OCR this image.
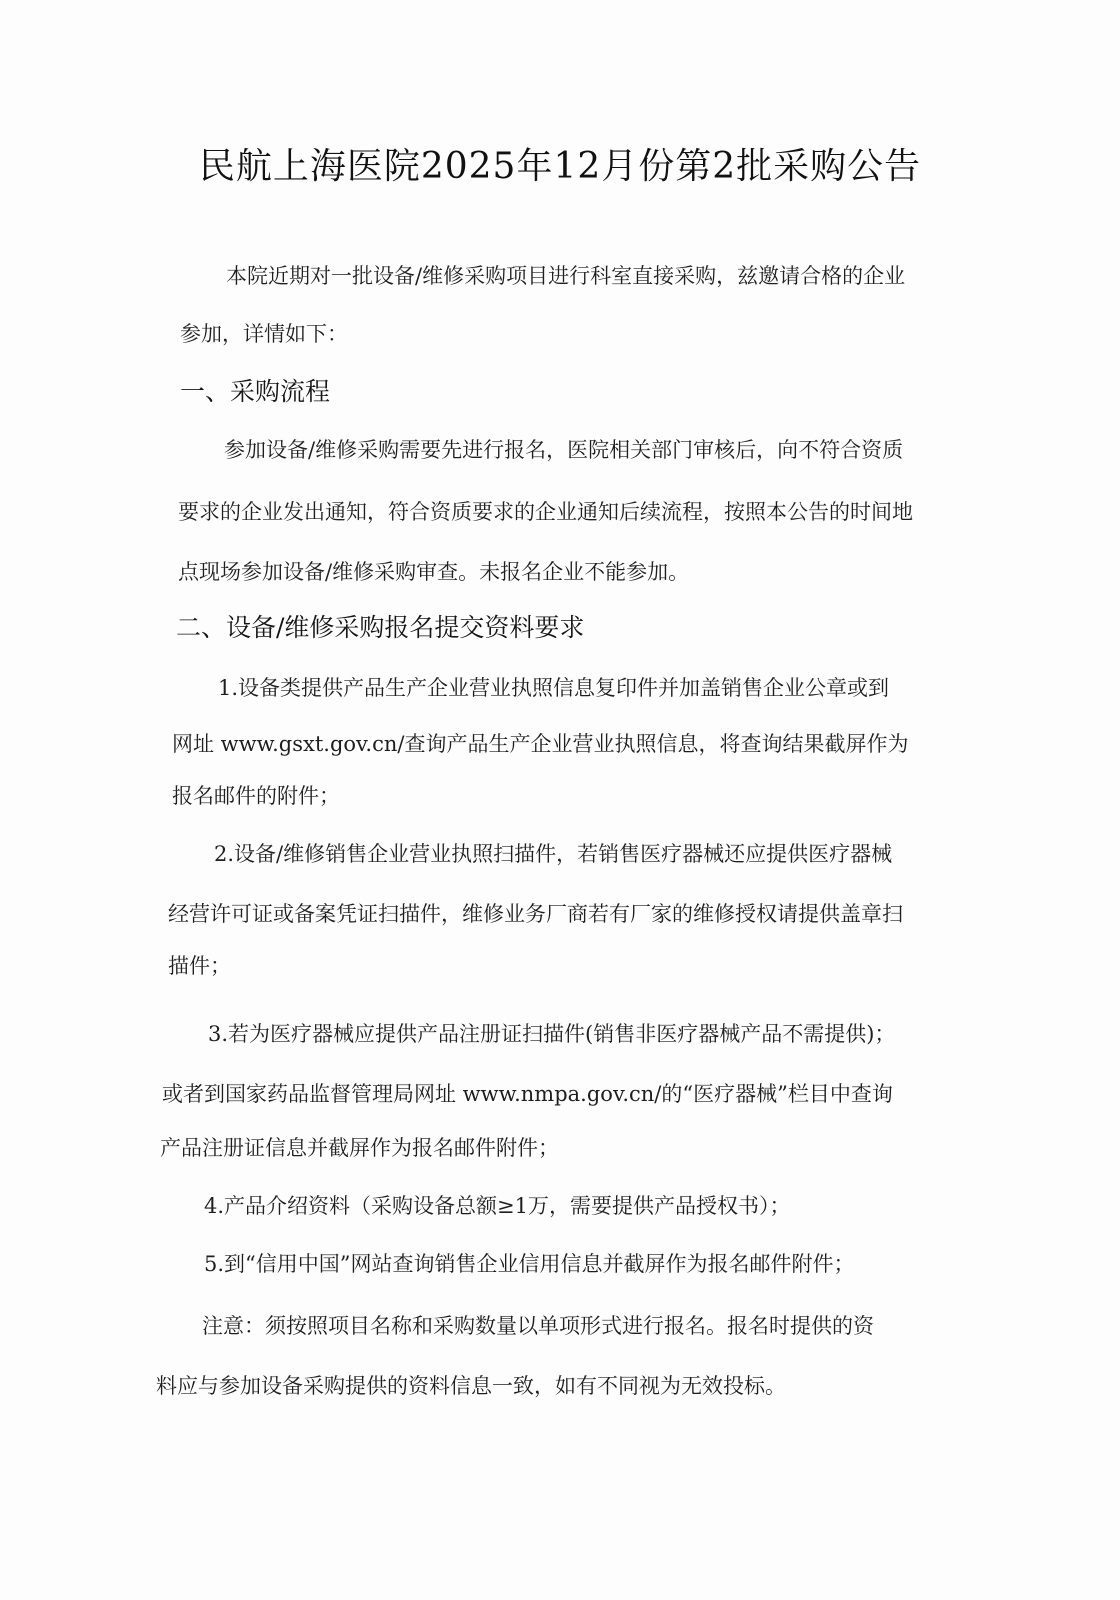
民航上海医院2025年12月份第2批采购公告
本院近期对一批设备/维修采购项目进行科室直接采购，兹邀请合格的企业
参加，详情如下：
一、采购流程
参加设备/维修采购需要先进行报名，医院相关部门审核后，向不符合资质
要求的企业发出通知，符合资质要求的企业通知后续流程，按照本公告的时间地
点现场参加设备/维修采购审查。未报名企业不能参加。
二、设备/维修采购报名提交资料要求
1.设备类提供产品生产企业营业执照信息复印件并加盖销售企业公章或到
网址 www.gsxt.gov.cn/查询产品生产企业营业执照信息，将查询结果截屏作为
报名邮件的附件；
2.设备/维修销售企业营业执照扫描件，若销售医疗器械还应提供医疗器械
经营许可证或备案凭证扫描件，维修业务厂商若有厂家的维修授权请提供盖章扫
描件；
3.若为医疗器械应提供产品注册证扫描件(销售非医疗器械产品不需提供)；
或者到国家药品监督管理局网址 www.nmpa.gov.cn/的“医疗器械”栏目中查询
产品注册证信息并截屏作为报名邮件附件；
4.产品介绍资料（采购设备总额≥1万，需要提供产品授权书）；
5.到“信用中国”网站查询销售企业信用信息并截屏作为报名邮件附件；
注意：须按照项目名称和采购数量以单项形式进行报名。报名时提供的资
料应与参加设备采购提供的资料信息一致，如有不同视为无效投标。
